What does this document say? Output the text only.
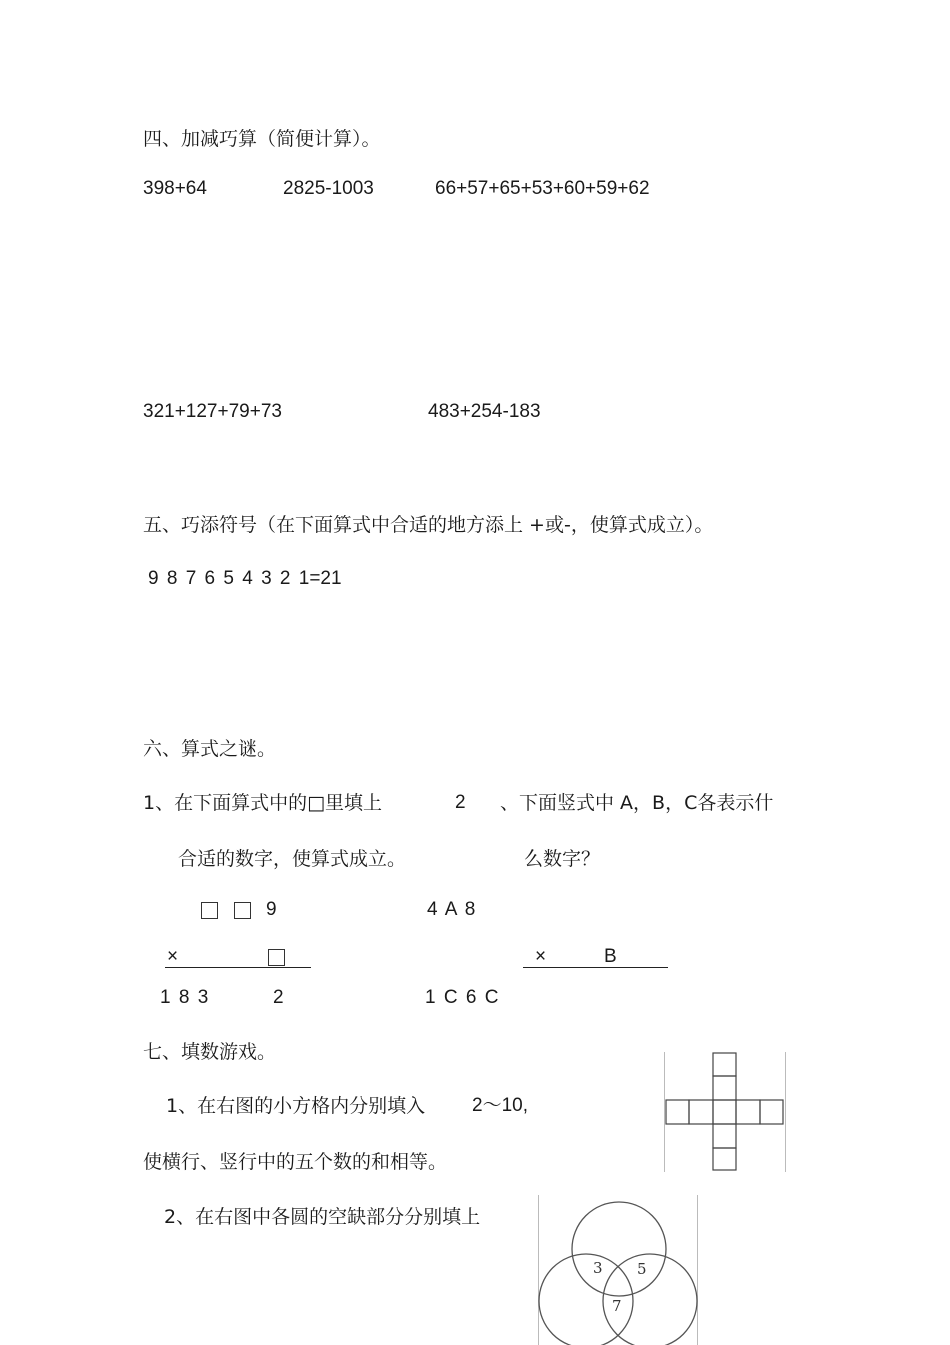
四、加减巧算（简便计算）。
398+64	2825-1003	66+57+65+53+60+59+62
321+127+79+73	483+254-183
五、巧添符号（在下面算式中合适的地方添上 +或-，使算式成立）。
9 8 7 6 5 4 3 2 1=21
六、算式之谜。
1、在下面算式中的□里填上	2 、下面竖式中 A，B，C各表示什
合适的数字，使算式成立。	么数字？
9
×
1 8 3	2
4 A 8
×	B
1 C 6 C
七、填数游戏。
1、在右图的小方格内分别填入 2～10,
使横行、竖行中的五个数的和相等。
2、在右图中各圆的空缺部分分别填上
3 5
7
